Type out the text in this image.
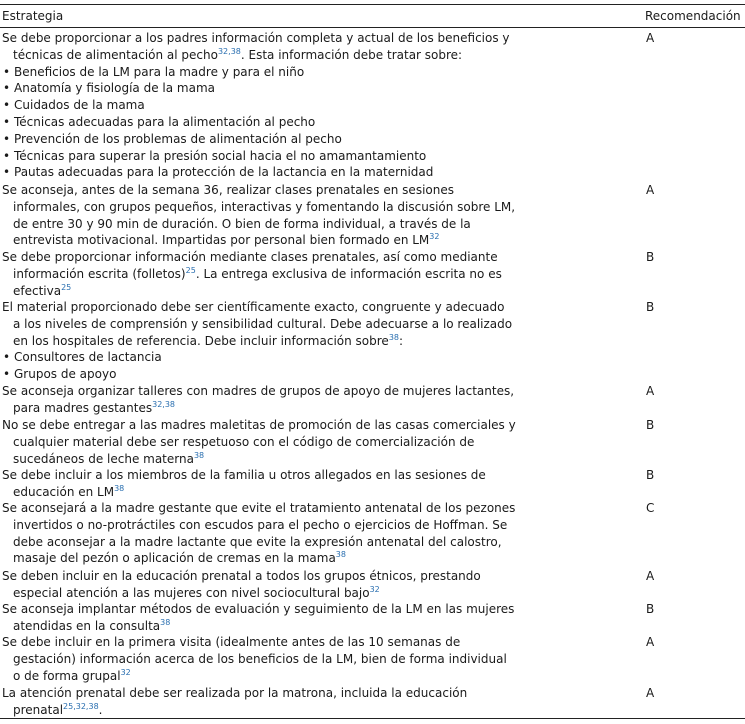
Estrategia	Recomendación
Se debe proporcionar a los padres información completa y actual de los beneficios y
técnicas de alimentación al pecho$^{32,38}$. Esta información debe tratar sobre:
• Beneficios de la LM para la madre y para el niño
• Anatomía y fisiología de la mama
• Cuidados de la mama
• Técnicas adecuadas para la alimentación al pecho
• Prevención de los problemas de alimentación al pecho
• Técnicas para superar la presión social hacia el no amamantamiento
• Pautas adecuadas para la protección de la lactancia en la maternidad
A
Se aconseja, antes de la semana 36, realizar clases prenatales en sesiones
informales, con grupos pequeños, interactivas y fomentando la discusión sobre LM,
de entre 30 y 90 min de duración. O bien de forma individual, a través de la
entrevista motivacional. Impartidas por personal bien formado en LM$^{32}$
A
Se debe proporcionar información mediante clases prenatales, así como mediante
información escrita (folletos)$^{25}$. La entrega exclusiva de información escrita no es
efectiva$^{25}$
B
El material proporcionado debe ser científicamente exacto, congruente y adecuado
a los niveles de comprensión y sensibilidad cultural. Debe adecuarse a lo realizado
en los hospitales de referencia. Debe incluir información sobre$^{38}$:
• Consultores de lactancia
• Grupos de apoyo
B
Se aconseja organizar talleres con madres de grupos de apoyo de mujeres lactantes,
para madres gestantes$^{32,38}$
A
No se debe entregar a las madres maletitas de promoción de las casas comerciales y
cualquier material debe ser respetuoso con el código de comercialización de
sucedáneos de leche materna$^{38}$
B
Se debe incluir a los miembros de la familia u otros allegados en las sesiones de
educación en LM$^{38}$
B
Se aconsejará a la madre gestante que evite el tratamiento antenatal de los pezones
invertidos o no-protráctiles con escudos para el pecho o ejercicios de Hoffman. Se
debe aconsejar a la madre lactante que evite la expresión antenatal del calostro,
masaje del pezón o aplicación de cremas en la mama$^{38}$
C
Se deben incluir en la educación prenatal a todos los grupos étnicos, prestando
especial atención a las mujeres con nivel sociocultural bajo$^{32}$
A
Se aconseja implantar métodos de evaluación y seguimiento de la LM en las mujeres
atendidas en la consulta$^{38}$
B
Se debe incluir en la primera visita (idealmente antes de las 10 semanas de
gestación) información acerca de los beneficios de la LM, bien de forma individual
o de forma grupal$^{32}$
A
La atención prenatal debe ser realizada por la matrona, incluida la educación
prenatal$^{25,32,38}$.
A
